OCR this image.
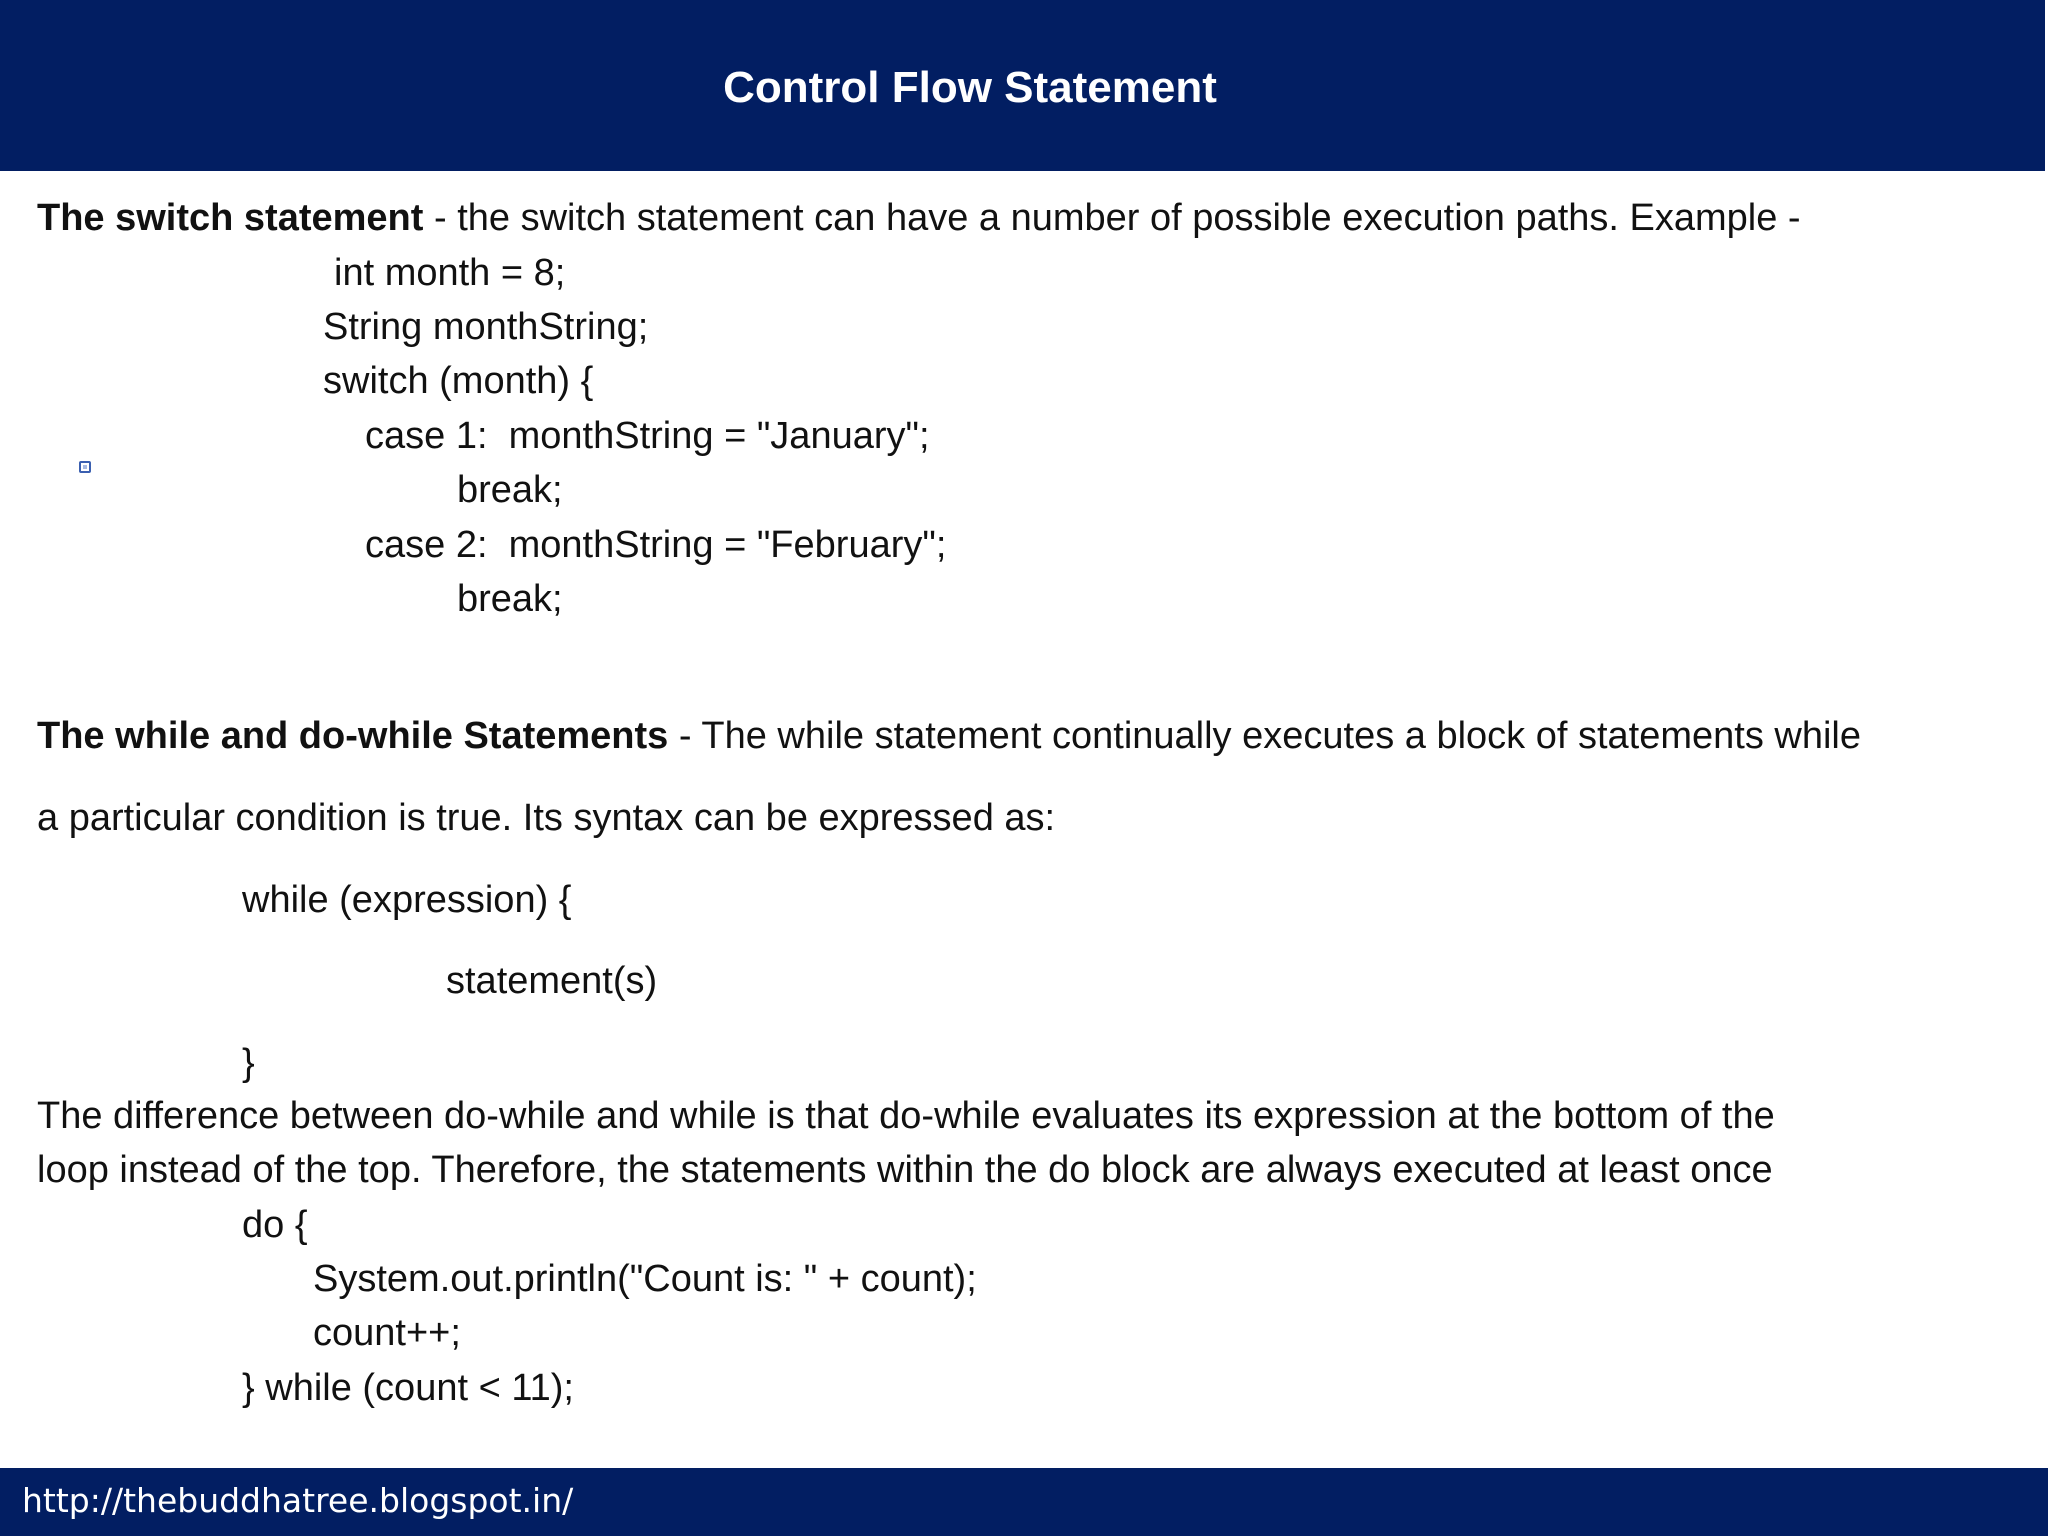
Control Flow Statement
The switch statement - the switch statement can have a number of possible execution paths. Example -
int month = 8;
String monthString;
switch (month) {
case 1:  monthString = "January";
break;
case 2:  monthString = "February";
break;
The while and do-while Statements - The while statement continually executes a block of statements while
a particular condition is true. Its syntax can be expressed as:
while (expression) {
statement(s)
}
The difference between do-while and while is that do-while evaluates its expression at the bottom of the
loop instead of the top. Therefore, the statements within the do block are always executed at least once
do {
System.out.println("Count is: " + count);
count++;
} while (count < 11);
http://thebuddhatree.blogspot.in/
